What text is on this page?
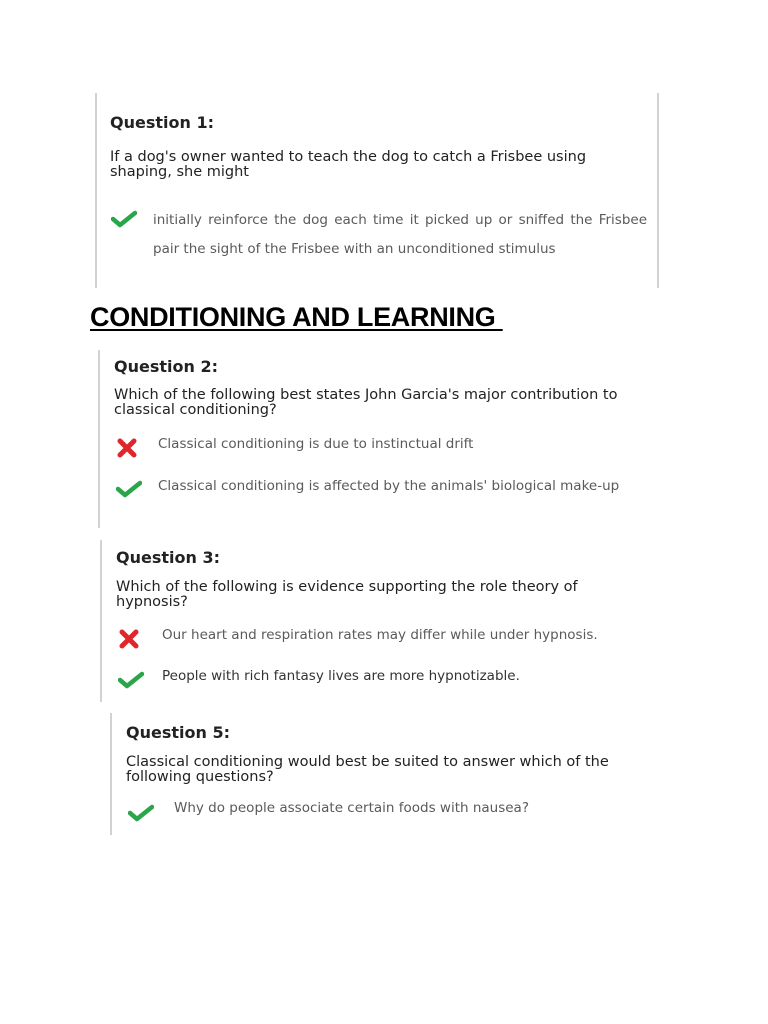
Question 1:

If a dog's owner wanted to teach the dog to catch a Frisbee using shaping, she might

initially reinforce the dog each time it picked up or sniffed the Frisbee pair the sight of the Frisbee with an unconditioned stimulus

CONDITIONING AND LEARNING

Question 2:

Which of the following best states John Garcia's major contribution to classical conditioning?

Classical conditioning is due to instinctual drift

Classical conditioning is affected by the animals' biological make-up

Question 3:

Which of the following is evidence supporting the role theory of hypnosis?

Our heart and respiration rates may differ while under hypnosis.

People with rich fantasy lives are more hypnotizable.

Question 5:

Classical conditioning would best be suited to answer which of the following questions?

Why do people associate certain foods with nausea?
